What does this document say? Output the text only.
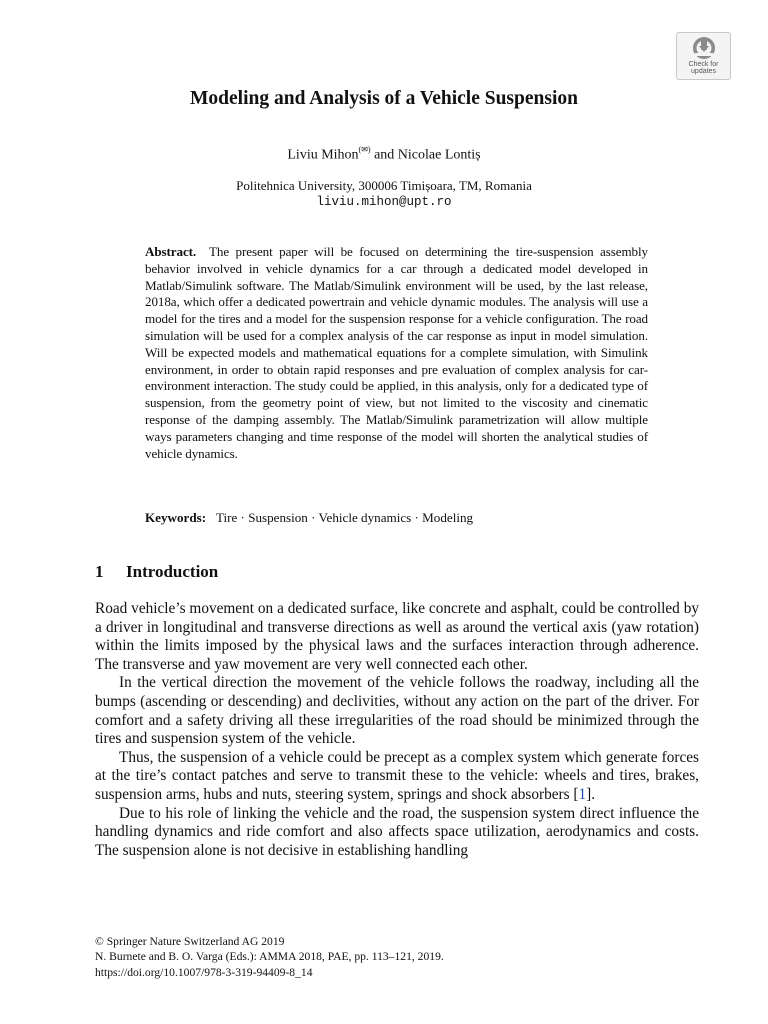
Check for updates
Modeling and Analysis of a Vehicle Suspension
Liviu Mihon(✉) and Nicolae Lontiș
Politehnica University, 300006 Timișoara, TM, Romania
liviu.mihon@upt.ro

Abstract. The present paper will be focused on determining the tire-suspension assembly behavior involved in vehicle dynamics for a car through a dedicated model developed in Matlab/Simulink software. The Matlab/Simulink environment will be used, by the last release, 2018a, which offer a dedicated powertrain and vehicle dynamic modules. The analysis will use a model for the tires and a model for the suspension response for a vehicle configuration. The road simulation will be used for a complex analysis of the car response as input in model simulation. Will be expected models and mathematical equations for a complete simulation, with Simulink environment, in order to obtain rapid responses and pre evaluation of complex analysis for car-environment interaction. The study could be applied, in this analysis, only for a dedicated type of suspension, from the geometry point of view, but not limited to the viscosity and cinematic response of the damping assembly. The Matlab/Simulink parametrization will allow multiple ways parameters changing and time response of the model will shorten the analytical studies of vehicle dynamics.

Keywords: Tire · Suspension · Vehicle dynamics · Modeling
1 Introduction

Road vehicle’s movement on a dedicated surface, like concrete and asphalt, could be controlled by a driver in longitudinal and transverse directions as well as around the vertical axis (yaw rotation) within the limits imposed by the physical laws and the surfaces interaction through adherence. The transverse and yaw movement are very well connected each other.

In the vertical direction the movement of the vehicle follows the roadway, including all the bumps (ascending or descending) and declivities, without any action on the part of the driver. For comfort and a safety driving all these irregularities of the road should be minimized through the tires and suspension system of the vehicle.

Thus, the suspension of a vehicle could be precept as a complex system which generate forces at the tire’s contact patches and serve to transmit these to the vehicle: wheels and tires, brakes, suspension arms, hubs and nuts, steering system, springs and shock absorbers [1].

Due to his role of linking the vehicle and the road, the suspension system direct influence the handling dynamics and ride comfort and also affects space utilization, aerodynamics and costs. The suspension alone is not decisive in establishing handling

© Springer Nature Switzerland AG 2019
N. Burnete and B. O. Varga (Eds.): AMMA 2018, PAE, pp. 113–121, 2019.
https://doi.org/10.1007/978-3-319-94409-8_14
